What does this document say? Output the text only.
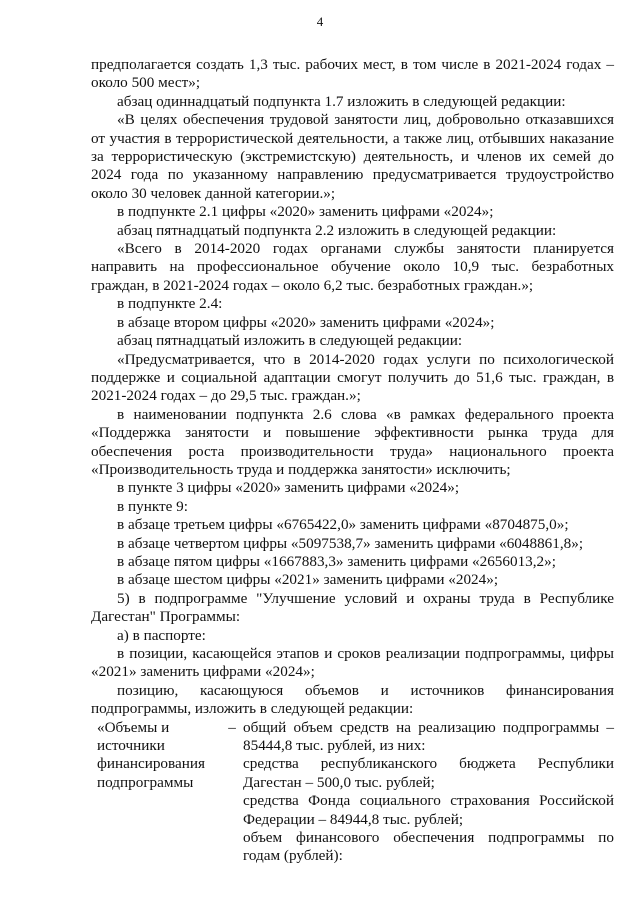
4

предполагается создать 1,3 тыс. рабочих мест, в том числе в 2021-2024 годах – около 500 мест»;

абзац одиннадцатый подпункта 1.7 изложить в следующей редакции:

«В целях обеспечения трудовой занятости лиц, добровольно отказавшихся от участия в террористической деятельности, а также лиц, отбывших наказание за террористическую (экстремистскую) деятельность, и членов их семей до 2024 года по указанному направлению предусматривается трудоустройство около 30 человек данной категории.»;

в подпункте 2.1 цифры «2020» заменить цифрами «2024»;

абзац пятнадцатый подпункта 2.2 изложить в следующей редакции:

«Всего в 2014-2020 годах органами службы занятости планируется направить на профессиональное обучение около 10,9 тыс. безработных граждан, в 2021-2024 годах – около 6,2 тыс. безработных граждан.»;

в подпункте 2.4:

в абзаце втором цифры «2020» заменить цифрами «2024»;

абзац пятнадцатый изложить в следующей редакции:

«Предусматривается, что в 2014-2020 годах услуги по психологической поддержке и социальной адаптации смогут получить до 51,6 тыс. граждан, в 2021-2024 годах – до 29,5 тыс. граждан.»;

в наименовании подпункта 2.6 слова «в рамках федерального проекта «Поддержка занятости и повышение эффективности рынка труда для обеспечения роста производительности труда» национального проекта «Производительность труда и поддержка занятости» исключить;

в пункте 3 цифры «2020» заменить цифрами «2024»;

в пункте 9:

в абзаце третьем цифры «6765422,0» заменить цифрами «8704875,0»;

в абзаце четвертом цифры «5097538,7» заменить цифрами «6048861,8»;

в абзаце пятом цифры «1667883,3» заменить цифрами «2656013,2»;

в абзаце шестом цифры «2021» заменить цифрами «2024»;

5) в подпрограмме "Улучшение условий и охраны труда в Республике Дагестан" Программы:

а) в паспорте:

в позиции, касающейся этапов и сроков реализации подпрограммы, цифры «2021» заменить цифрами «2024»;

позицию, касающуюся объемов и источников финансирования подпрограммы, изложить в следующей редакции:

«Объемы и источники финансирования подпрограммы
– общий объем средств на реализацию подпрограммы – 85444,8 тыс. рублей, из них:

средства республиканского бюджета Республики Дагестан – 500,0 тыс. рублей;

средства Фонда социального страхования Российской Федерации – 84944,8 тыс. рублей;

объем финансового обеспечения подпрограммы по годам (рублей):
